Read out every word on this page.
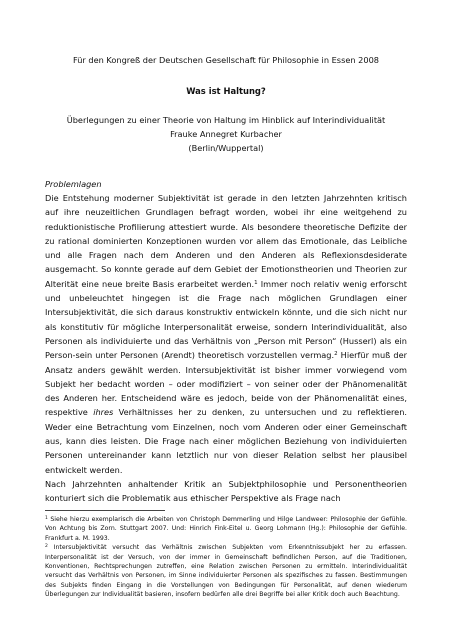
Für den Kongreß der Deutschen Gesellschaft für Philosophie in Essen 2008

Was ist Haltung?

Überlegungen zu einer Theorie von Haltung im Hinblick auf Interindividualität
Frauke Annegret Kurbacher
(Berlin/Wuppertal)

Problemlagen

Die Entstehung moderner Subjektivität ist gerade in den letzten Jahrzehnten kritisch auf ihre neuzeitlichen Grundlagen befragt worden, wobei ihr eine weitgehend zu reduktionistische Profilierung attestiert wurde. Als besondere theoretische Defizite der zu rational dominierten Konzeptionen wurden vor allem das Emotionale, das Leibliche und alle Fragen nach dem Anderen und den Anderen als Reflexionsdesiderate ausgemacht. So konnte gerade auf dem Gebiet der Emotionstheorien und Theorien zur Alterität eine neue breite Basis erarbeitet werden.$^1$ Immer noch relativ wenig erforscht und unbeleuchtet hingegen ist die Frage nach möglichen Grundlagen einer Intersubjektivität, die sich daraus konstruktiv entwickeln könnte, und die sich nicht nur als konstitutiv für mögliche Interpersonalität erweise, sondern Interindividualität, also Personen als individuierte und das Verhältnis von „Person mit Person“ (Husserl) als ein Person-sein unter Personen (Arendt) theoretisch vorzustellen vermag.$^2$ Hierfür muß der Ansatz anders gewählt werden. Intersubjektivität ist bisher immer vorwiegend vom Subjekt her bedacht worden – oder modifiziert – von seiner oder der Phänomenalität des Anderen her. Entscheidend wäre es jedoch, beide von der Phänomenalität eines, respektive ihres Verhältnisses her zu denken, zu untersuchen und zu reflektieren. Weder eine Betrachtung vom Einzelnen, noch vom Anderen oder einer Gemeinschaft aus, kann dies leisten. Die Frage nach einer möglichen Beziehung von individuierten Personen untereinander kann letztlich nur von dieser Relation selbst her plausibel entwickelt werden.

Nach Jahrzehnten anhaltender Kritik an Subjektphilosophie und Personentheorien konturiert sich die Problematik aus ethischer Perspektive als Frage nach

$^1$ Siehe hierzu exemplarisch die Arbeiten von Christoph Demmerling und Hilge Landweer: Philosophie der Gefühle. Von Achtung bis Zorn. Stuttgart 2007. Und: Hinrich Fink-Eitel u. Georg Lohmann (Hg.): Philosophie der Gefühle. Frankfurt a. M. 1993.

$^2$ Intersubjektivität versucht das Verhältnis zwischen Subjekten vom Erkenntnissubjekt her zu erfassen. Interpersonalität ist der Versuch, von der immer in Gemeinschaft befindlichen Person, auf die Traditionen, Konventionen, Rechtsprechungen zutreffen, eine Relation zwischen Personen zu ermitteln. Interindividualität versucht das Verhältnis von Personen, im Sinne individuierter Personen als spezifisches zu fassen. Bestimmungen des Subjekts finden Eingang in die Vorstellungen von Bedingungen für Personalität, auf denen wiederum Überlegungen zur Individualität basieren, insofern bedürfen alle drei Begriffe bei aller Kritik doch auch Beachtung.
